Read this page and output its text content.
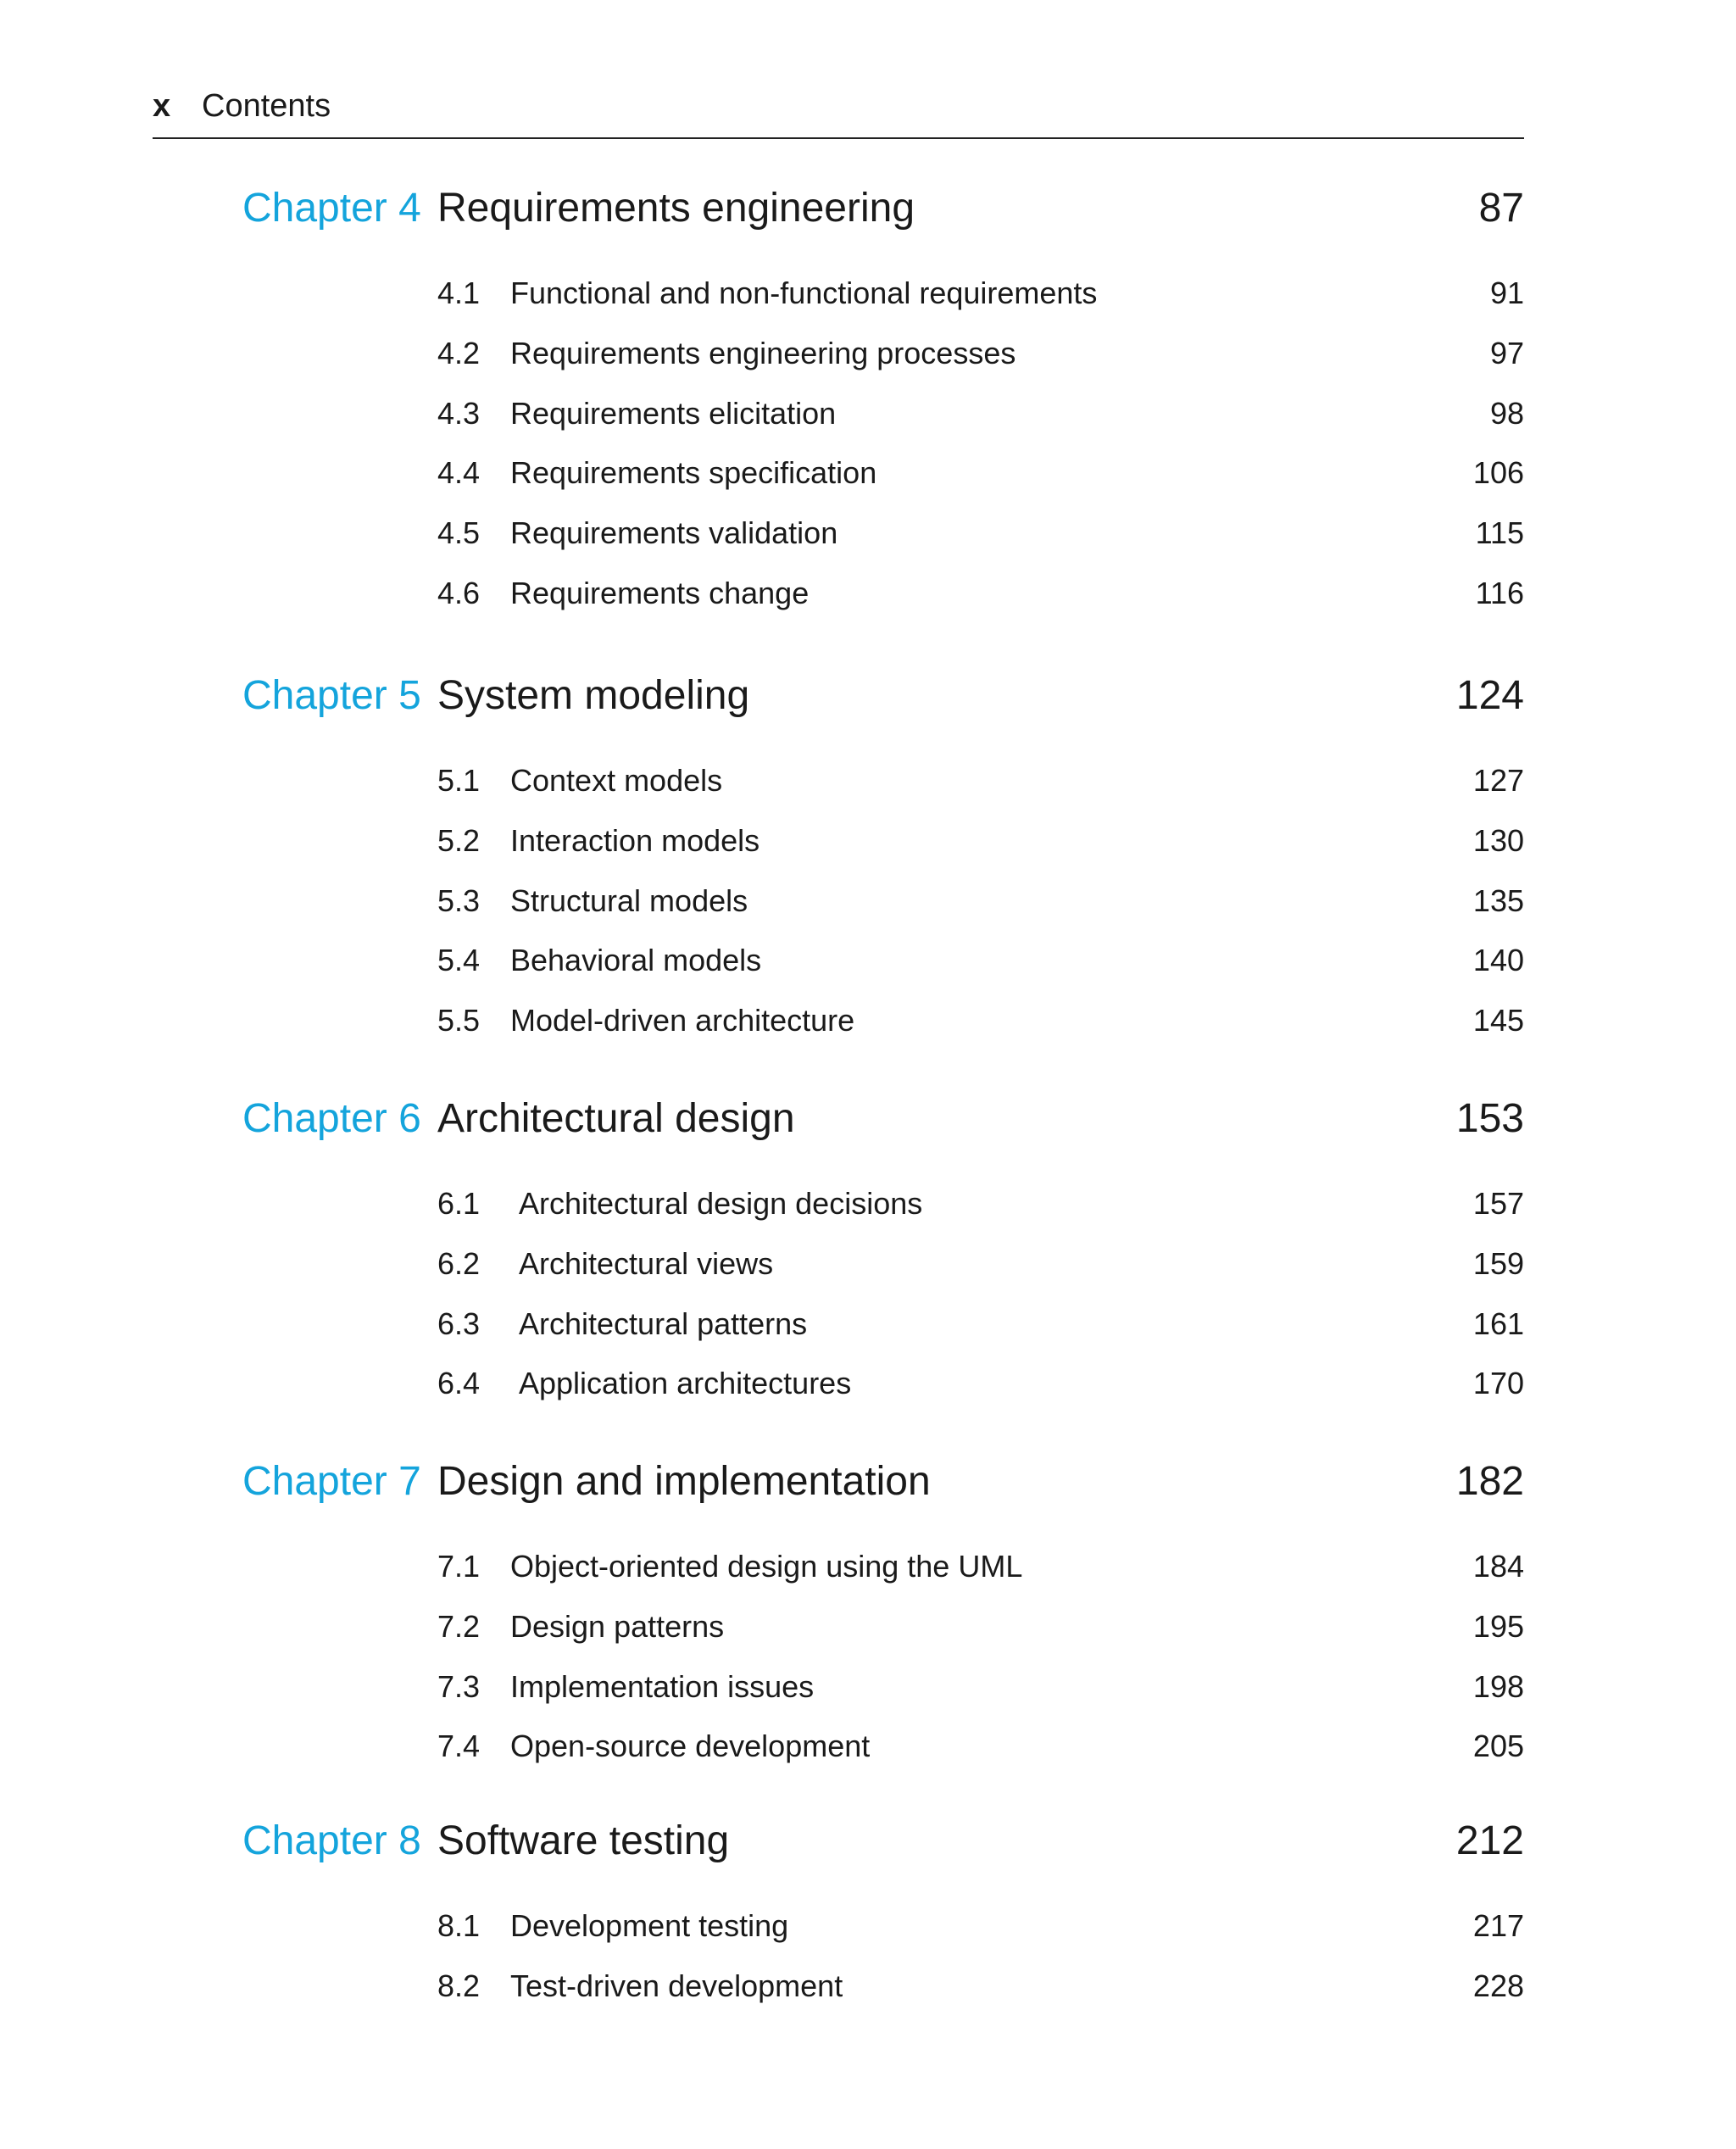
x Contents
Chapter 4 Requirements engineering	87
4.1 Functional and non-functional requirements	91
4.2 Requirements engineering processes	97
4.3 Requirements elicitation	98
4.4 Requirements specification	106
4.5 Requirements validation	115
4.6 Requirements change	116
Chapter 5 System modeling	124
5.1 Context models	127
5.2 Interaction models	130
5.3 Structural models	135
5.4 Behavioral models	140
5.5 Model-driven architecture	145
Chapter 6 Architectural design	153
6.1 Architectural design decisions	157
6.2 Architectural views	159
6.3 Architectural patterns	161
6.4 Application architectures	170
Chapter 7 Design and implementation	182
7.1 Object-oriented design using the UML	184
7.2 Design patterns	195
7.3 Implementation issues	198
7.4 Open-source development	205
Chapter 8 Software testing	212
8.1 Development testing	217
8.2 Test-driven development	228
